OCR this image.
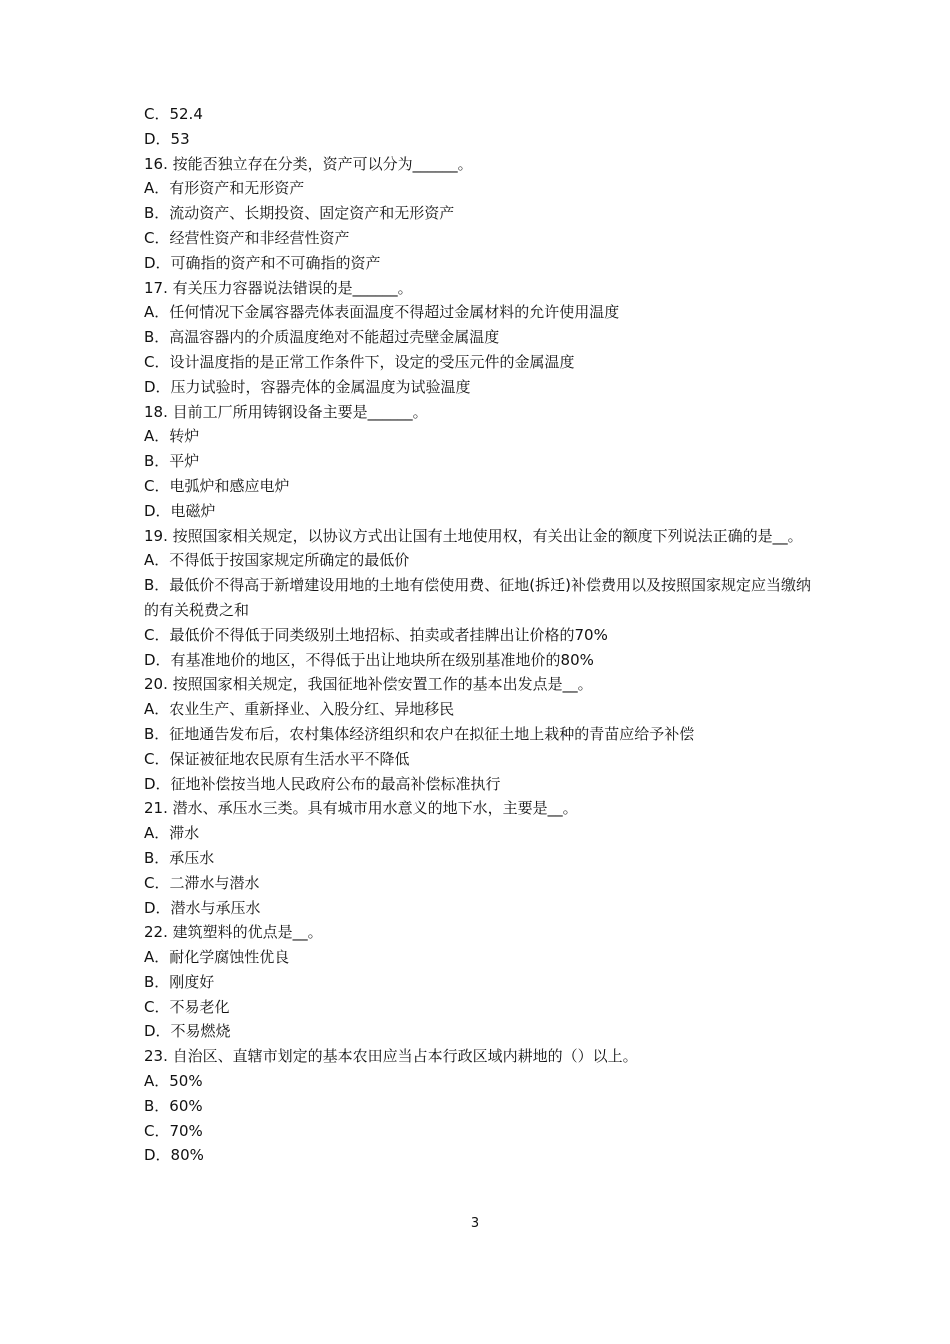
C．52.4
D．53
16. 按能否独立存在分类，资产可以分为______。
A．有形资产和无形资产
B．流动资产、长期投资、固定资产和无形资产
C．经营性资产和非经营性资产
D．可确指的资产和不可确指的资产
17. 有关压力容器说法错误的是______。
A．任何情况下金属容器壳体表面温度不得超过金属材料的允许使用温度
B．高温容器内的介质温度绝对不能超过壳壁金属温度
C．设计温度指的是正常工作条件下，设定的受压元件的金属温度
D．压力试验时，容器壳体的金属温度为试验温度
18. 目前工厂所用铸钢设备主要是______。
A．转炉
B．平炉
C．电弧炉和感应电炉
D．电磁炉
19. 按照国家相关规定，以协议方式出让国有土地使用权，有关出让金的额度下列说法正确的是__。
A．不得低于按国家规定所确定的最低价
B．最低价不得高于新增建设用地的土地有偿使用费、征地(拆迁)补偿费用以及按照国家规定应当缴纳的有关税费之和
C．最低价不得低于同类级别土地招标、拍卖或者挂牌出让价格的70%
D．有基准地价的地区，不得低于出让地块所在级别基准地价的80%
20. 按照国家相关规定，我国征地补偿安置工作的基本出发点是__。
A．农业生产、重新择业、入股分红、异地移民
B．征地通告发布后，农村集体经济组织和农户在拟征土地上栽种的青苗应给予补偿
C．保证被征地农民原有生活水平不降低
D．征地补偿按当地人民政府公布的最高补偿标准执行
21. 潜水、承压水三类。具有城市用水意义的地下水，主要是__。
A．滞水
B．承压水
C．二滞水与潜水
D．潜水与承压水
22. 建筑塑料的优点是__。
A．耐化学腐蚀性优良
B．刚度好
C．不易老化
D．不易燃烧
23. 自治区、直辖市划定的基本农田应当占本行政区域内耕地的（）以上。
A．50%
B．60%
C．70%
D．80%
3
